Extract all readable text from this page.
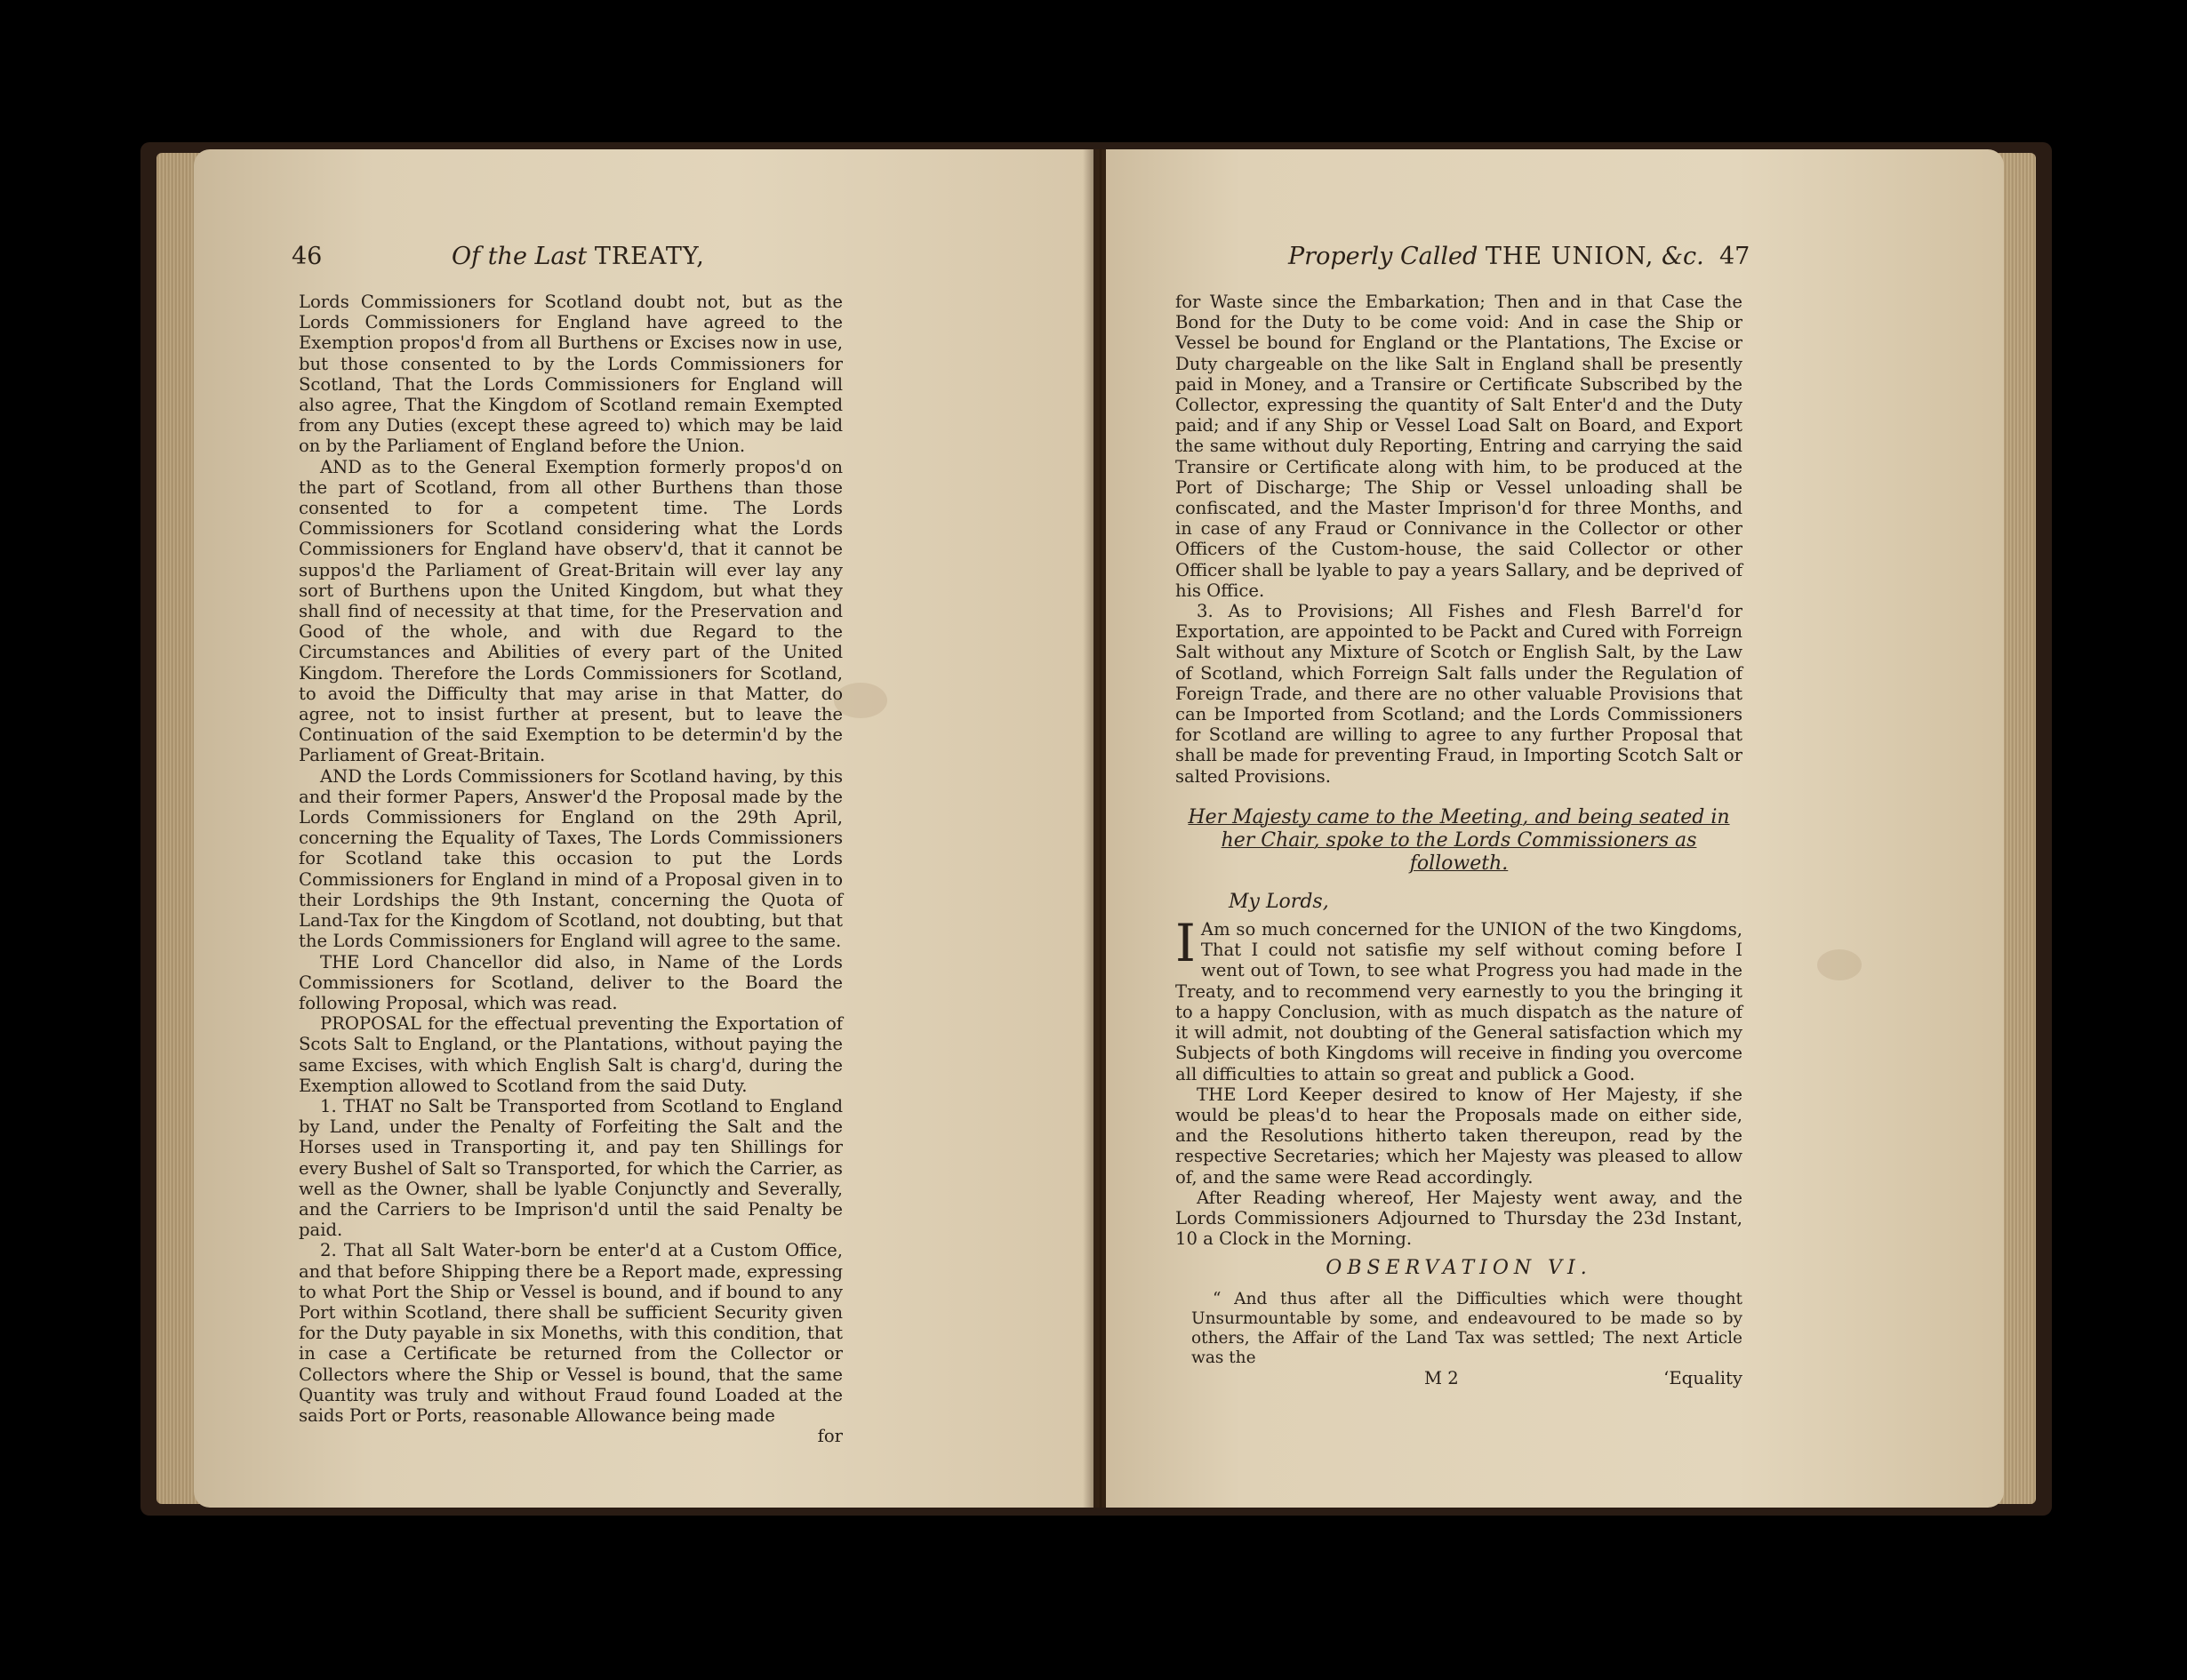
46	Of the Last TREATY,

Lords Commissioners for Scotland doubt not, but as the Lords Commissioners for England have agreed to the Exemption propos'd from all Burthens or Excises now in use, but those consented to by the Lords Commissioners for Scotland, That the Lords Commissioners for England will also agree, That the Kingdom of Scotland remain Exempted from any Duties (except these agreed to) which may be laid on by the Parliament of England before the Union.

AND as to the General Exemption formerly propos'd on the part of Scotland, from all other Burthens than those consented to for a competent time. The Lords Commissioners for Scotland considering what the Lords Commissioners for England have observ'd, that it cannot be suppos'd the Parliament of Great-Britain will ever lay any sort of Burthens upon the United Kingdom, but what they shall find of necessity at that time, for the Preservation and Good of the whole, and with due Regard to the Circumstances and Abilities of every part of the United Kingdom. Therefore the Lords Commissioners for Scotland, to avoid the Difficulty that may arise in that Matter, do agree, not to insist further at present, but to leave the Continuation of the said Exemption to be determin'd by the Parliament of Great-Britain.

AND the Lords Commissioners for Scotland having, by this and their former Papers, Answer'd the Proposal made by the Lords Commissioners for England on the 29th April, concerning the Equality of Taxes, The Lords Commissioners for Scotland take this occasion to put the Lords Commissioners for England in mind of a Proposal given in to their Lordships the 9th Instant, concerning the Quota of Land-Tax for the Kingdom of Scotland, not doubting, but that the Lords Commissioners for England will agree to the same.

THE Lord Chancellor did also, in Name of the Lords Commissioners for Scotland, deliver to the Board the following Proposal, which was read.

PROPOSAL for the effectual preventing the Exportation of Scots Salt to England, or the Plantations, without paying the same Excises, with which English Salt is charg'd, during the Exemption allowed to Scotland from the said Duty.

1. THAT no Salt be Transported from Scotland to England by Land, under the Penalty of Forfeiting the Salt and the Horses used in Transporting it, and pay ten Shillings for every Bushel of Salt so Transported, for which the Carrier, as well as the Owner, shall be lyable Conjunctly and Severally, and the Carriers to be Imprison'd until the said Penalty be paid.

2. That all Salt Water-born be enter'd at a Custom Office, and that before Shipping there be a Report made, expressing to what Port the Ship or Vessel is bound, and if bound to any Port within Scotland, there shall be sufficient Security given for the Duty payable in six Moneths, with this condition, that in case a Certificate be returned from the Collector or Collectors where the Ship or Vessel is bound, that the same Quantity was truly and without Fraud found Loaded at the saids Port or Ports, reasonable Allowance being made

for
Properly Called THE UNION, &c. 47

for Waste since the Embarkation; Then and in that Case the Bond for the Duty to be come void: And in case the Ship or Vessel be bound for England or the Plantations, The Excise or Duty chargeable on the like Salt in England shall be presently paid in Money, and a Transire or Certificate Subscribed by the Collector, expressing the quantity of Salt Enter'd and the Duty paid; and if any Ship or Vessel Load Salt on Board, and Export the same without duly Reporting, Entring and carrying the said Transire or Certificate along with him, to be produced at the Port of Discharge; The Ship or Vessel unloading shall be confiscated, and the Master Imprison'd for three Months, and in case of any Fraud or Connivance in the Collector or other Officers of the Custom-house, the said Collector or other Officer shall be lyable to pay a years Sallary, and be deprived of his Office.

3. As to Provisions; All Fishes and Flesh Barrel'd for Exportation, are appointed to be Packt and Cured with Forreign Salt without any Mixture of Scotch or English Salt, by the Law of Scotland, which Forreign Salt falls under the Regulation of Foreign Trade, and there are no other valuable Provisions that can be Imported from Scotland; and the Lords Commissioners for Scotland are willing to agree to any further Proposal that shall be made for preventing Fraud, in Importing Scotch Salt or salted Provisions.

Her Majesty came to the Meeting, and being seated in her Chair, spoke to the Lords Commissioners as followeth.
My Lords,

I Am so much concerned for the UNION of the two Kingdoms, That I could not satisfie my self without coming before I went out of Town, to see what Progress you had made in the Treaty, and to recommend very earnestly to you the bringing it to a happy Conclusion, with as much dispatch as the nature of it will admit, not doubting of the General satisfaction which my Subjects of both Kingdoms will receive in finding you overcome all difficulties to attain so great and publick a Good.

THE Lord Keeper desired to know of Her Majesty, if she would be pleas'd to hear the Proposals made on either side, and the Resolutions hitherto taken thereupon, read by the respective Secretaries; which her Majesty was pleased to allow of, and the same were Read accordingly.

After Reading whereof, Her Majesty went away, and the Lords Commissioners Adjourned to Thursday the 23d Instant, 10 a Clock in the Morning.

OBSERVATION VI.

“ And thus after all the Difficulties which were thought Unsurmountable by some, and endeavoured to be made so by others, the Affair of the Land Tax was settled; The next Article was the

M 2	‘Equality
